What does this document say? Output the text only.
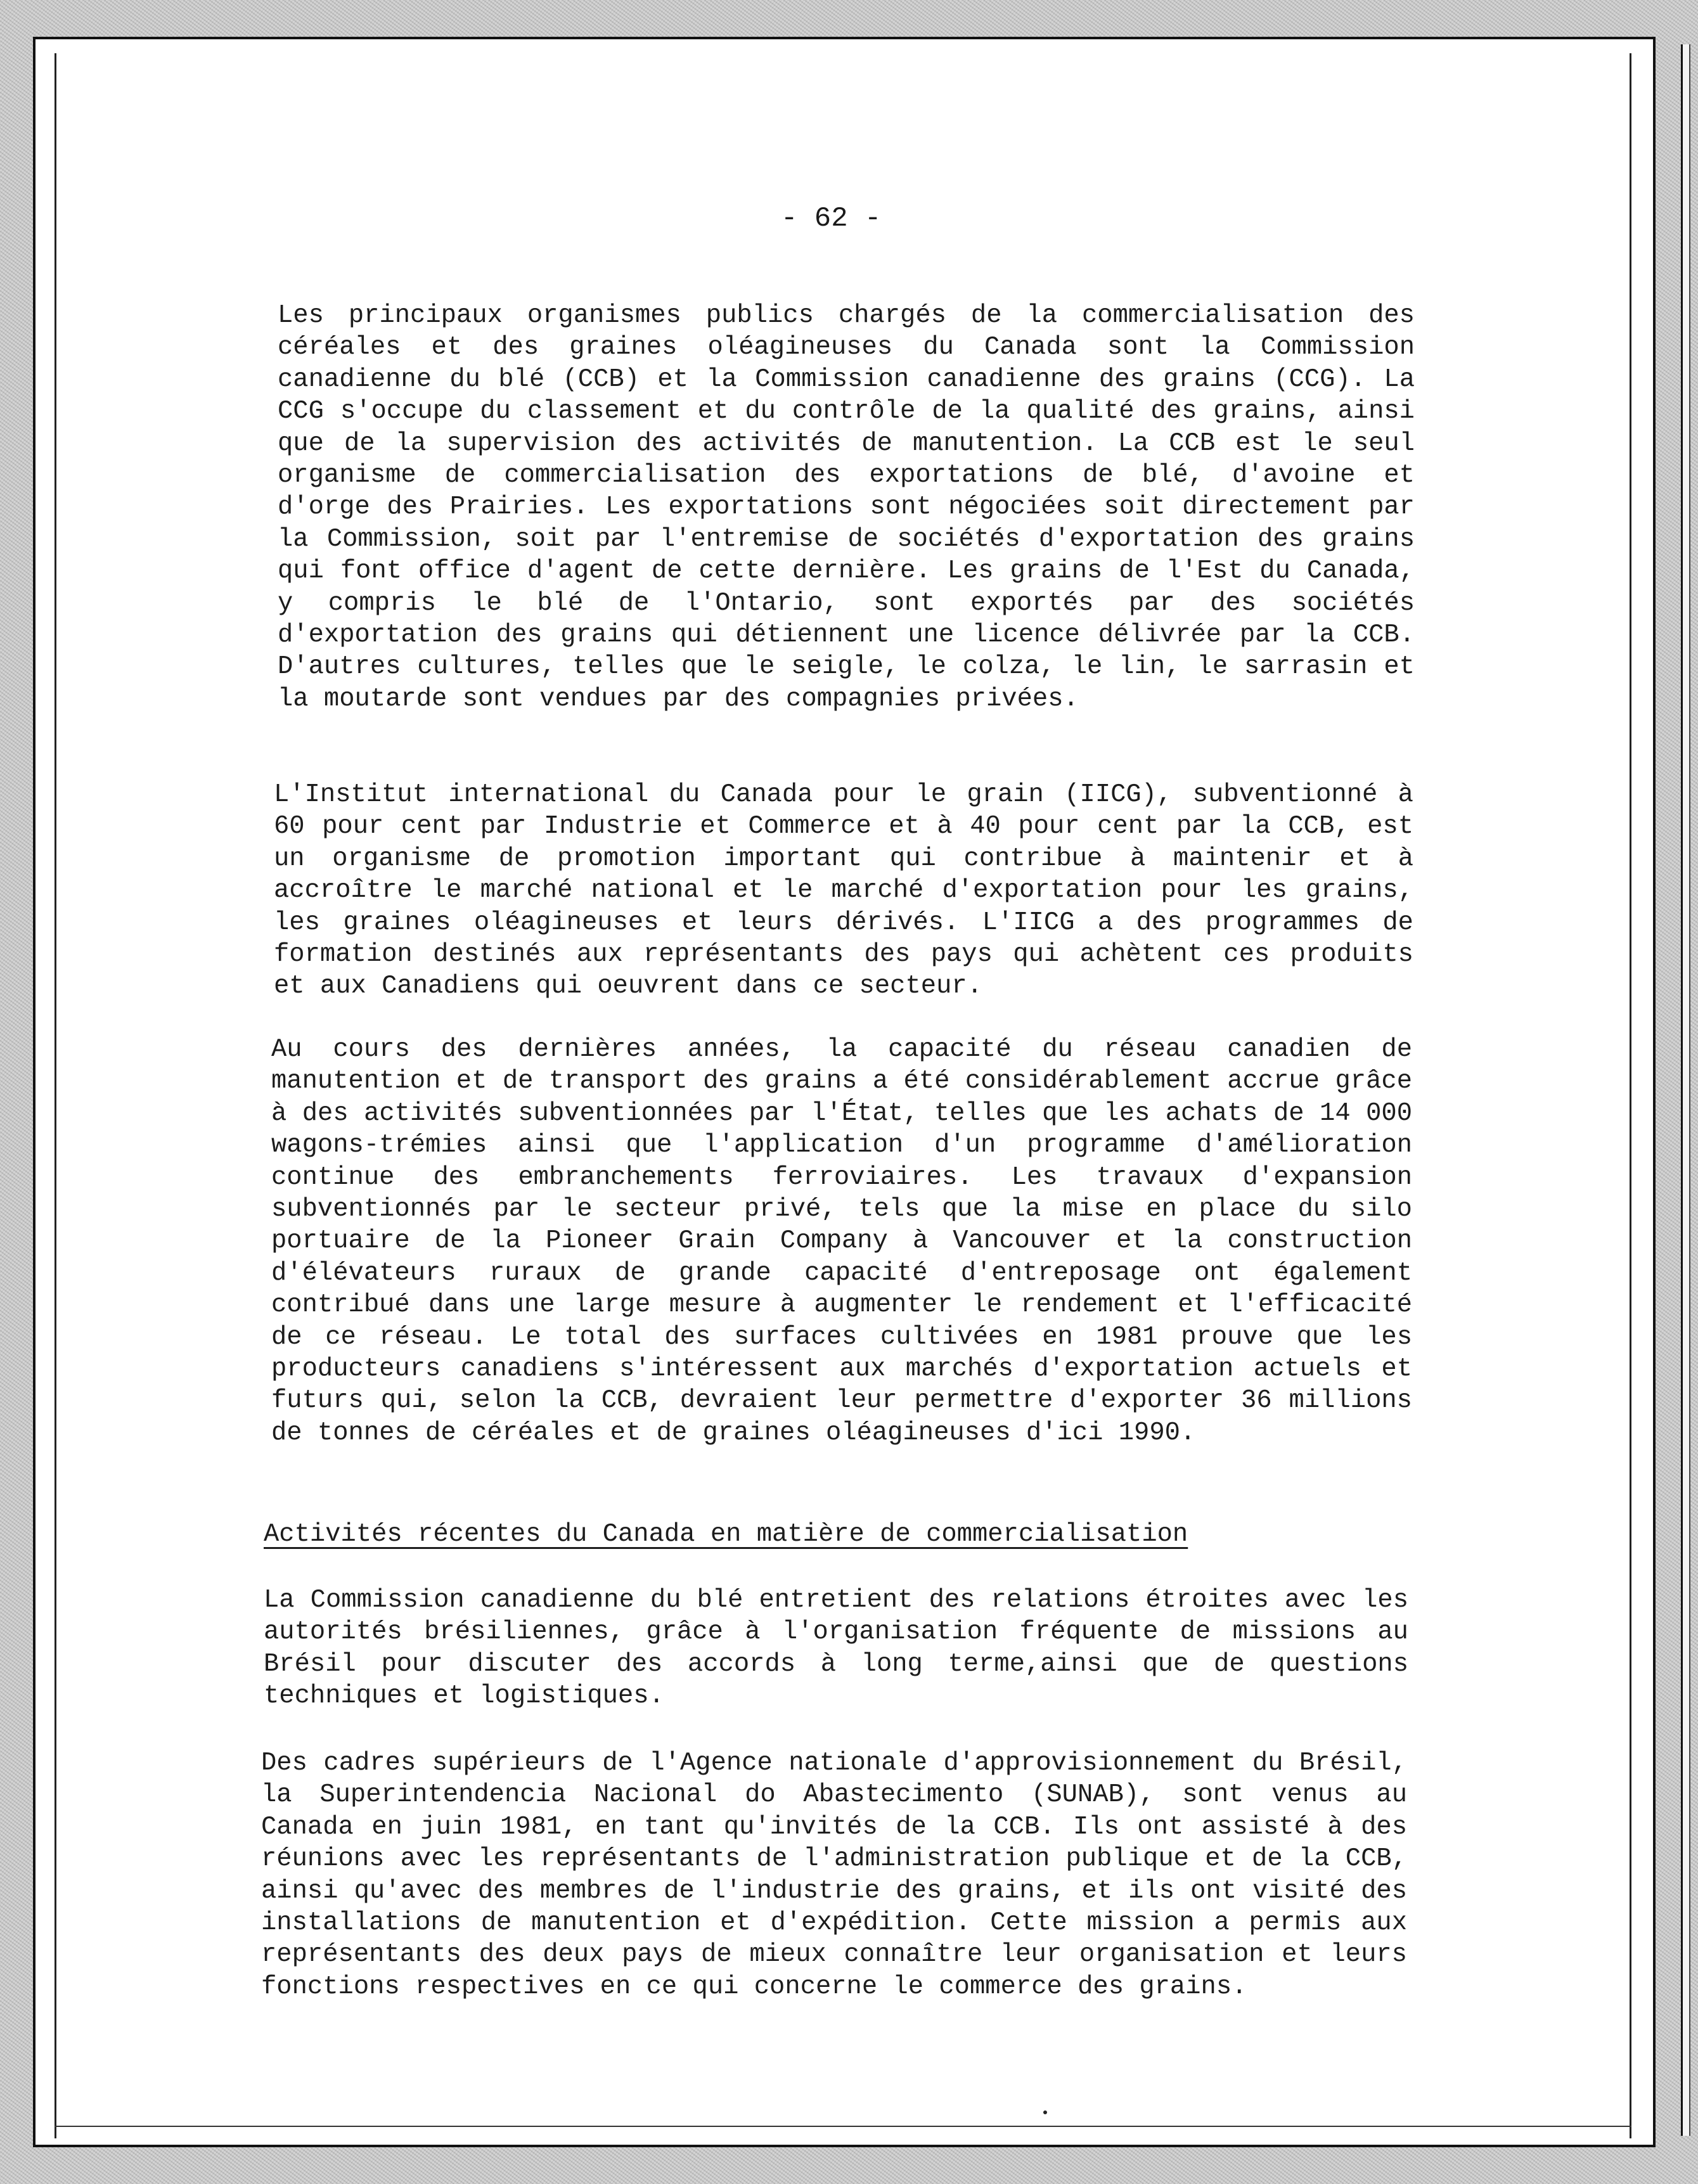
- 62 -
Les principaux organismes publics chargés de la commercialisation des céréales et des graines oléagineuses du Canada sont la Commission canadienne du blé (CCB) et la Commission canadienne des grains (CCG). La CCG s'occupe du classement et du contrôle de la qualité des grains, ainsi que de la supervision des activités de manutention. La CCB est le seul organisme de commercialisation des exportations de blé, d'avoine et d'orge des Prairies. Les exportations sont négociées soit directement par la Commission, soit par l'entremise de sociétés d'exportation des grains qui font office d'agent de cette dernière. Les grains de l'Est du Canada, y compris le blé de l'Ontario, sont exportés par des sociétés d'exportation des grains qui détiennent une licence délivrée par la CCB. D'autres cultures, telles que le seigle, le colza, le lin, le sarrasin et la moutarde sont vendues par des compagnies privées.
L'Institut international du Canada pour le grain (IICG), subventionné à 60 pour cent par Industrie et Commerce et à 40 pour cent par la CCB, est un organisme de promotion important qui contribue à maintenir et à accroître le marché national et le marché d'exportation pour les grains, les graines oléagineuses et leurs dérivés. L'IICG a des programmes de formation destinés aux représentants des pays qui achètent ces produits et aux Canadiens qui oeuvrent dans ce secteur.
Au cours des dernières années, la capacité du réseau canadien de manutention et de transport des grains a été considérablement accrue grâce à des activités subventionnées par l'État, telles que les achats de 14 000 wagons-trémies ainsi que l'application d'un programme d'amélioration continue des embranchements ferroviaires. Les travaux d'expansion subventionnés par le secteur privé, tels que la mise en place du silo portuaire de la Pioneer Grain Company à Vancouver et la construction d'élévateurs ruraux de grande capacité d'entreposage ont également contribué dans une large mesure à augmenter le rendement et l'efficacité de ce réseau. Le total des surfaces cultivées en 1981 prouve que les producteurs canadiens s'intéressent aux marchés d'exportation actuels et futurs qui, selon la CCB, devraient leur permettre d'exporter 36 millions de tonnes de céréales et de graines oléagineuses d'ici 1990.
Activités récentes du Canada en matière de commercialisation
La Commission canadienne du blé entretient des relations étroites avec les autorités brésiliennes, grâce à l'organisation fréquente de missions au Brésil pour discuter des accords à long terme,ainsi que de questions techniques et logistiques.
Des cadres supérieurs de l'Agence nationale d'approvisionnement du Brésil, la Superintendencia Nacional do Abastecimento (SUNAB), sont venus au Canada en juin 1981, en tant qu'invités de la CCB. Ils ont assisté à des réunions avec les représentants de l'administration publique et de la CCB, ainsi qu'avec des membres de l'industrie des grains, et ils ont visité des installations de manutention et d'expédition. Cette mission a permis aux représentants des deux pays de mieux connaître leur organisation et leurs fonctions respectives en ce qui concerne le commerce des grains.
